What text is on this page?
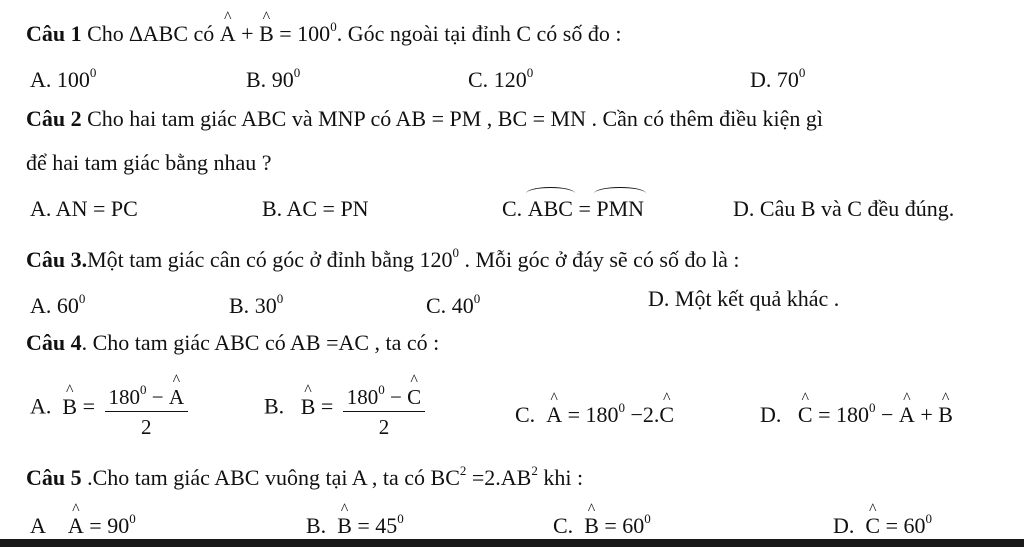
Câu 1 Cho ∆ABC có ^ A + ^ $B = 100^0$. Góc ngoài tại đỉnh C có số đo :
A. $100^0$	B. $90^0$	C. $120^0$	D. $70^0$
Câu 2 Cho hai tam giác ABC và MNP có AB = PM , BC = MN . Cần có thêm điều kiện gì
để hai tam giác bằng nhau ?
A. AN = PC	B. AC = PN	C. ABC = PMN	D. Câu B và C đều đúng.
Câu 3.Một tam giác cân có góc ở đỉnh bằng $120^0$ . Mỗi góc ở đáy sẽ có số đo là :
A. $60^0$	B. $30^0$	C. $40^0$	D. Một kết quả khác .
Câu 4. Cho tam giác ABC có AB =AC , ta có :
A. ^ $B = \frac{180^0 - \^{} A}{2}$	B. ^ $B = \frac{180^0 - \^{} C}{2}$	C. ^ $A = 180^0$ −2.^ C	D. ^ $C = 180^0$ − ^ A + ^ B
Câu 5 .Cho tam giác ABC vuông tại A , ta có $BC^2 =2.AB^2$ khi :
A ^ $A = 90^0$	B. ^ $B = 45^0$	C. ^ $B = 60^0$	D. ^ $C = 60^0$
